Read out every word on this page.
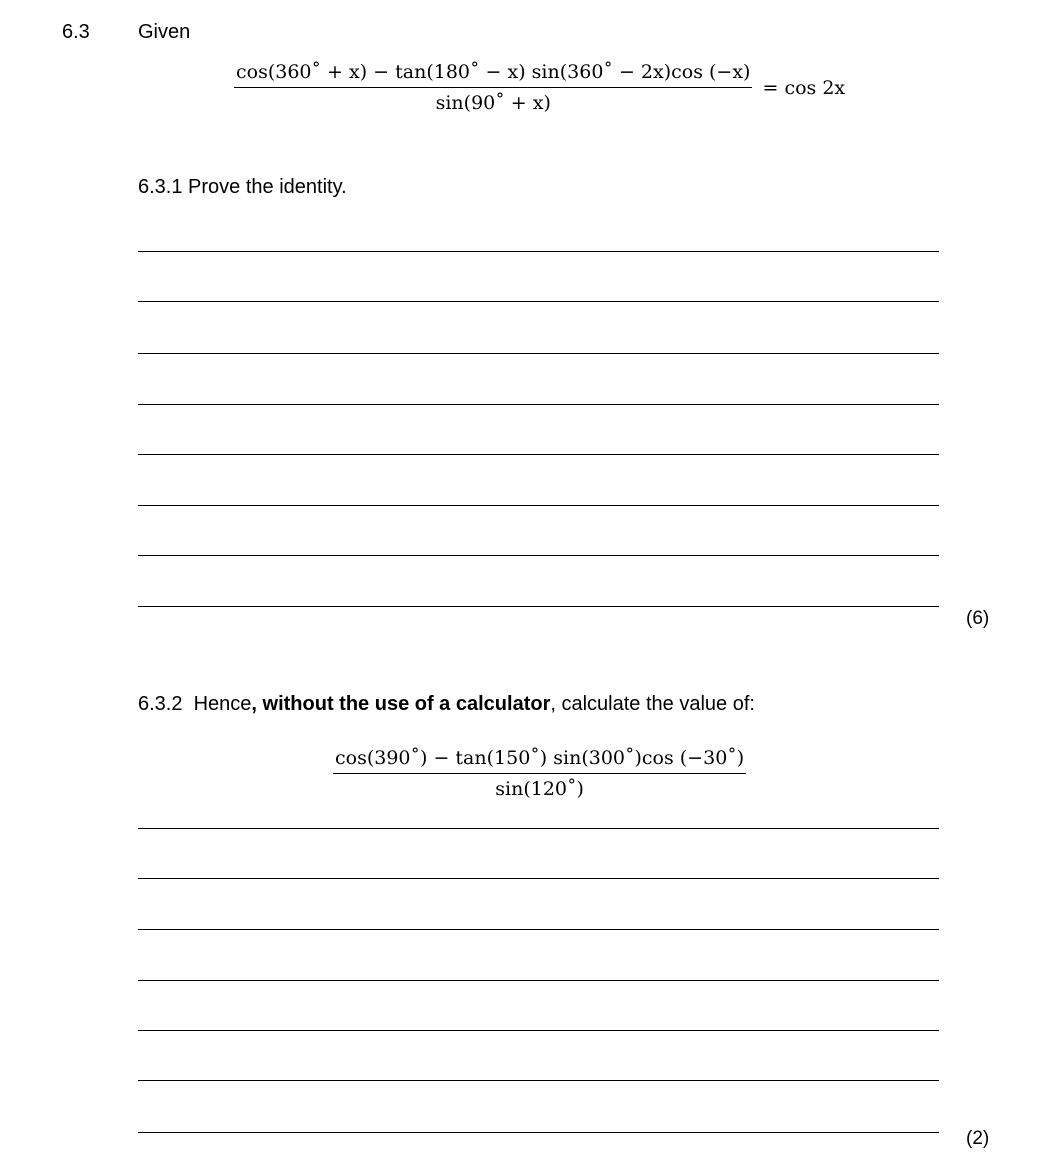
6.3 Given
$\frac{\cos(360˚ + x) - \tan(180˚ - x) \sin(360˚ - 2x)\cos (-x)}{\sin(90˚ + x)} = \cos 2x$
6.3.1 Prove the identity.
(6)
6.3.2 Hence, without the use of a calculator, calculate the value of:
$\frac{\cos(390˚) - \tan(150˚) \sin(300˚)\cos (-30˚)}{\sin(120˚)}$
(2)
